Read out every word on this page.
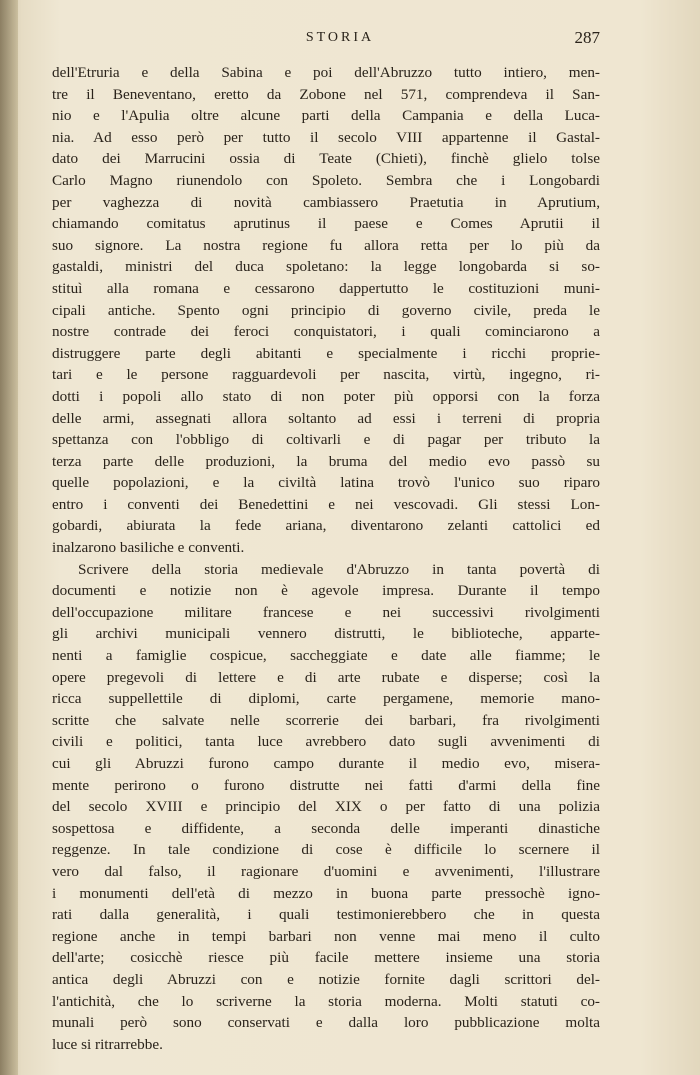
STORIA	287
dell'Etruria e della Sabina e poi dell'Abruzzo tutto intiero, men-
tre il Beneventano, eretto da Zobone nel 571, comprendeva il San-
nio e l'Apulia oltre alcune parti della Campania e della Luca-
nia. Ad esso però per tutto il secolo VIII appartenne il Gastal-
dato dei Marrucini ossia di Teate (Chieti), finchè glielo tolse
Carlo Magno riunendolo con Spoleto. Sembra che i Longobardi
per vaghezza di novità cambiassero Praetutia in Aprutium,
chiamando comitatus aprutinus il paese e Comes Aprutii il
suo signore. La nostra regione fu allora retta per lo più da
gastaldi, ministri del duca spoletano: la legge longobarda si so-
stituì alla romana e cessarono dappertutto le costituzioni muni-
cipali antiche. Spento ogni principio di governo civile, preda le
nostre contrade dei feroci conquistatori, i quali cominciarono a
distruggere parte degli abitanti e specialmente i ricchi proprie-
tari e le persone ragguardevoli per nascita, virtù, ingegno, ri-
dotti i popoli allo stato di non poter più opporsi con la forza
delle armi, assegnati allora soltanto ad essi i terreni di propria
spettanza con l'obbligo di coltivarli e di pagar per tributo la
terza parte delle produzioni, la bruma del medio evo passò su
quelle popolazioni, e la civiltà latina trovò l'unico suo riparo
entro i conventi dei Benedettini e nei vescovadi. Gli stessi Lon-
gobardi, abiurata la fede ariana, diventarono zelanti cattolici ed
inalzarono basiliche e conventi.
Scrivere della storia medievale d'Abruzzo in tanta povertà di
documenti e notizie non è agevole impresa. Durante il tempo
dell'occupazione militare francese e nei successivi rivolgimenti
gli archivi municipali vennero distrutti, le biblioteche, apparte-
nenti a famiglie cospicue, saccheggiate e date alle fiamme; le
opere pregevoli di lettere e di arte rubate e disperse; così la
ricca suppellettile di diplomi, carte pergamene, memorie mano-
scritte che salvate nelle scorrerie dei barbari, fra rivolgimenti
civili e politici, tanta luce avrebbero dato sugli avvenimenti di
cui gli Abruzzi furono campo durante il medio evo, misera-
mente perirono o furono distrutte nei fatti d'armi della fine
del secolo XVIII e principio del XIX o per fatto di una polizia
sospettosa e diffidente, a seconda delle imperanti dinastiche
reggenze. In tale condizione di cose è difficile lo scernere il
vero dal falso, il ragionare d'uomini e avvenimenti, l'illustrare
i monumenti dell'età di mezzo in buona parte pressochè igno-
rati dalla generalità, i quali testimonierebbero che in questa
regione anche in tempi barbari non venne mai meno il culto
dell'arte; cosicchè riesce più facile mettere insieme una storia
antica degli Abruzzi con e notizie fornite dagli scrittori del-
l'antichità, che lo scriverne la storia moderna. Molti statuti co-
munali però sono conservati e dalla loro pubblicazione molta
luce si ritrarrebbe.
